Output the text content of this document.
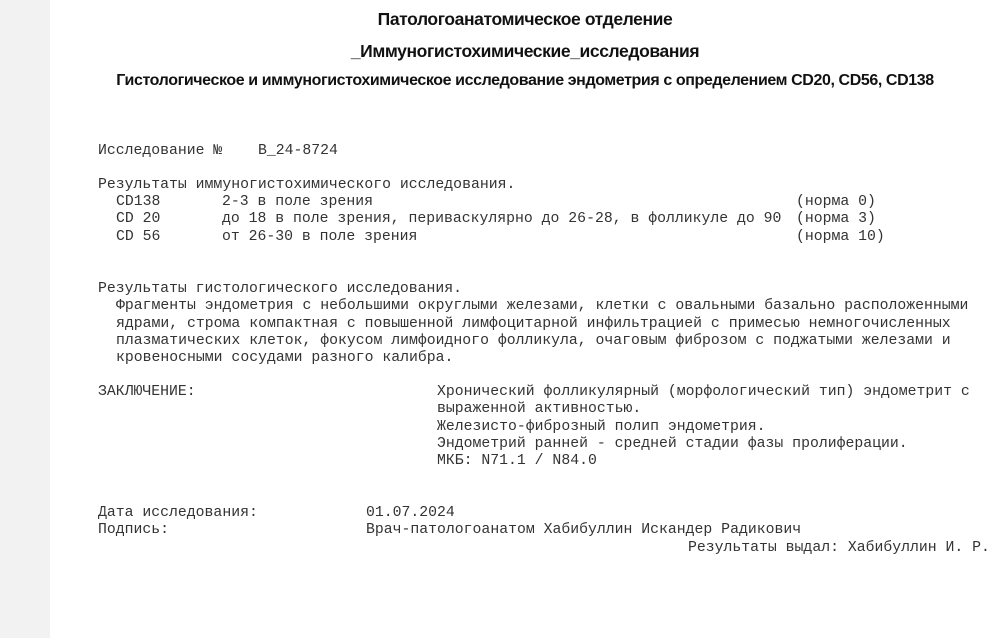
Патологоанатомическое отделение
_Иммуногистохимические_исследования
Гистологическое и иммуногистохимическое исследование эндометрия с определением CD20, CD56, CD138
Исследование № В_24-8724
Результаты иммуногистохимического исследования.
CD138	2-3 в поле зрения	(норма 0)
CD 20	до 18 в поле зрения, периваскулярно до 26-28, в фолликуле до 90 (норма 3)
CD 56	от 26-30 в поле зрения	(норма 10)
Результаты гистологического исследования.
Фрагменты эндометрия с небольшими округлыми железами, клетки с овальными базально расположенными
ядрами, строма компактная с повышенной лимфоцитарной инфильтрацией с примесью немногочисленных
плазматических клеток, фокусом лимфоидного фолликула, очаговым фиброзом с поджатыми железами и
кровеносными сосудами разного калибра.
ЗАКЛЮЧЕНИЕ:	Хронический фолликулярный (морфологический тип) эндометрит с
выраженной активностью.
Железисто-фиброзный полип эндометрия.
Эндометрий ранней - средней стадии фазы пролиферации.
МКБ: N71.1 / N84.0
Дата исследования:	01.07.2024
Подпись:	Врач-патологоанатом Хабибуллин Искандер Радикович
Результаты выдал: Хабибуллин И. Р.
